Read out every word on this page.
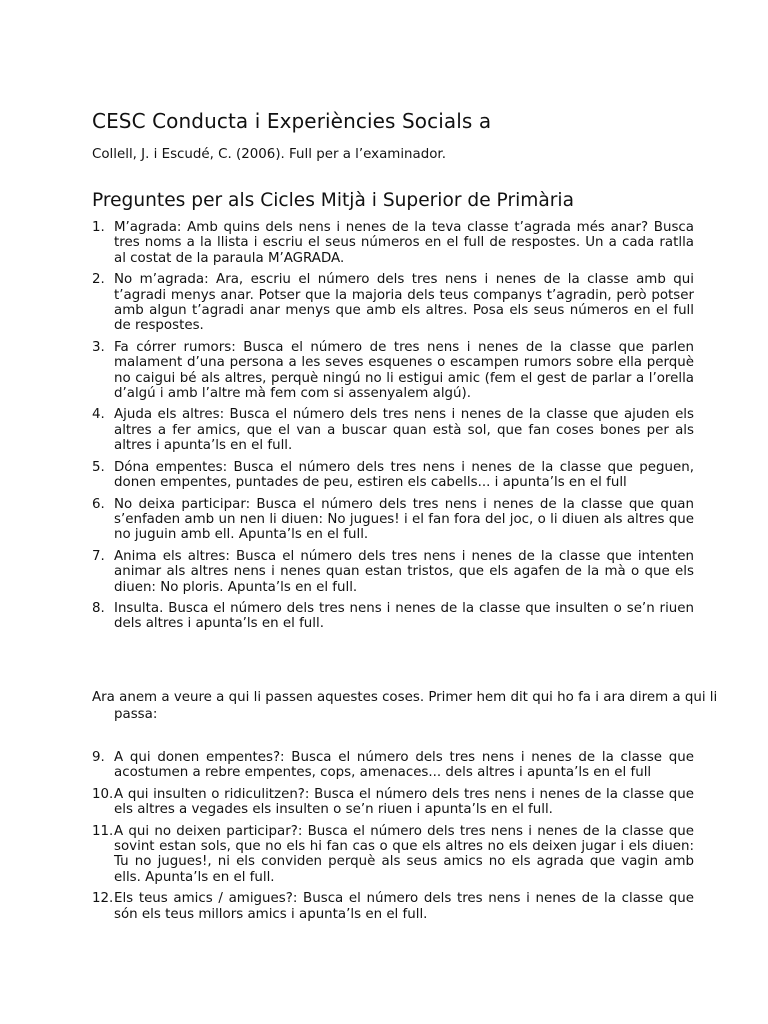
CESC Conducta i Experiències Socials a

Collell, J. i Escudé, C. (2006). Full per a l’examinador.

Preguntes per als Cicles Mitjà i Superior de Primària
1. M’agrada: Amb quins dels nens i nenes de la teva classe t’agrada més anar? Busca tres noms a la llista i escriu el seus números en el full de respostes. Un a cada ratlla al costat de la paraula M’AGRADA.
2. No m’agrada: Ara, escriu el número dels tres nens i nenes de la classe amb qui t’agradi menys anar. Potser que la majoria dels teus companys t’agradin, però potser amb algun t’agradi anar menys que amb els altres. Posa els seus números en el full de respostes.
3. Fa córrer rumors: Busca el número de tres nens i nenes de la classe que parlen malament d’una persona a les seves esquenes o escampen rumors sobre ella perquè no caigui bé als altres, perquè ningú no li estigui amic (fem el gest de parlar a l’orella d’algú i amb l’altre mà fem com si assenyalem algú).
4. Ajuda els altres: Busca el número dels tres nens i nenes de la classe que ajuden els altres a fer amics, que el van a buscar quan està sol, que fan coses bones per als altres i apunta’ls en el full.
5. Dóna empentes: Busca el número dels tres nens i nenes de la classe que peguen, donen empentes, puntades de peu, estiren els cabells... i apunta’ls en el full
6. No deixa participar: Busca el número dels tres nens i nenes de la classe que quan s’enfaden amb un nen li diuen: No jugues! i el fan fora del joc, o li diuen als altres que no juguin amb ell. Apunta’ls en el full.
7. Anima els altres: Busca el número dels tres nens i nenes de la classe que intenten animar als altres nens i nenes quan estan tristos, que els agafen de la mà o que els diuen: No ploris. Apunta’ls en el full.
8. Insulta. Busca el número dels tres nens i nenes de la classe que insulten o se’n riuen dels altres i apunta’ls en el full.

Ara anem a veure a qui li passen aquestes coses. Primer hem dit qui ho fa i ara direm a qui li passa:

9. A qui donen empentes?: Busca el número dels tres nens i nenes de la classe que acostumen a rebre empentes, cops, amenaces... dels altres i apunta’ls en el full
10. A qui insulten o ridiculitzen?: Busca el número dels tres nens i nenes de la classe que els altres a vegades els insulten o se’n riuen i apunta’ls en el full.
11. A qui no deixen participar?: Busca el número dels tres nens i nenes de la classe que sovint estan sols, que no els hi fan cas o que els altres no els deixen jugar i els diuen: Tu no jugues!, ni els conviden perquè als seus amics no els agrada que vagin amb ells. Apunta’ls en el full.
12. Els teus amics / amigues?: Busca el número dels tres nens i nenes de la classe que són els teus millors amics i apunta’ls en el full.
